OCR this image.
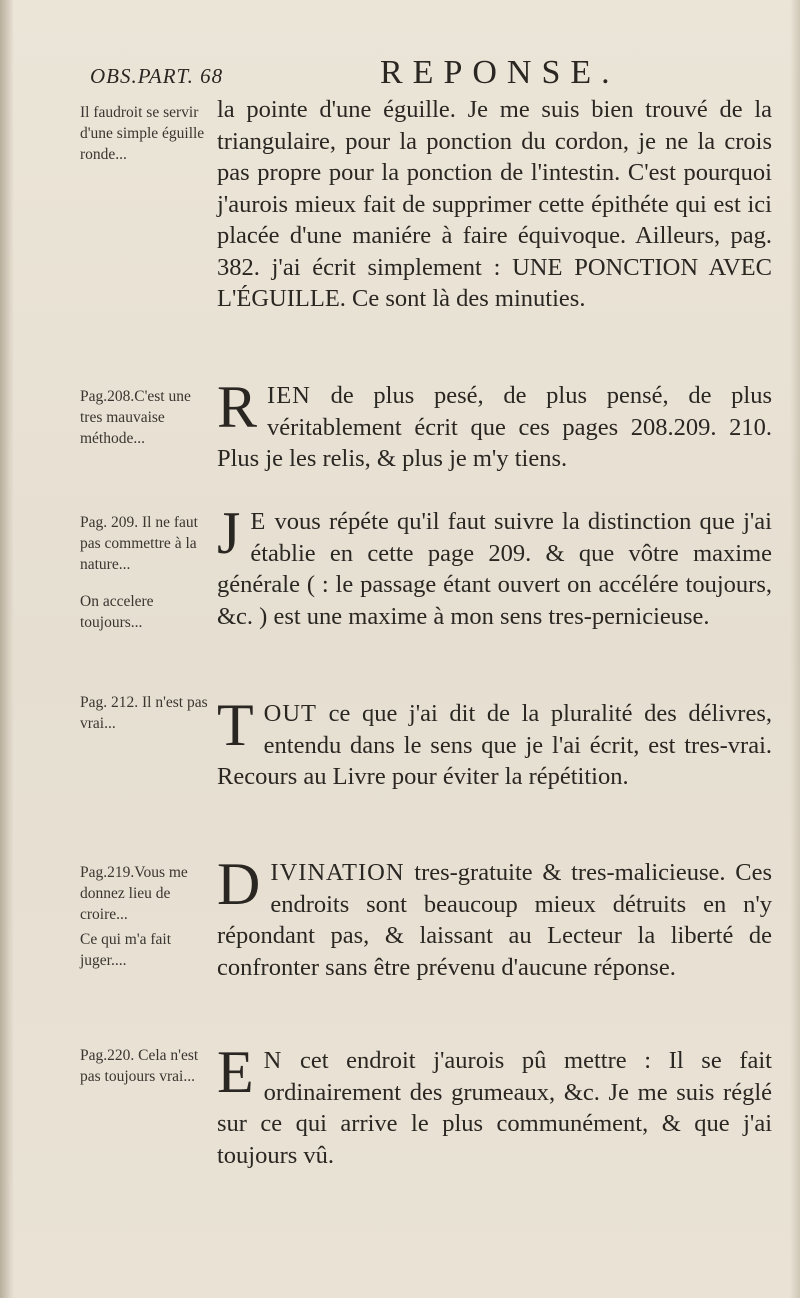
OBS.PART. 68	REPONSE.
Il faudroit se servir d'une simple éguille ronde...
la pointe d'une éguille. Je me suis bien trouvé de la triangulaire, pour la ponction du cordon, je ne la crois pas propre pour la ponction de l'intestin. C'est pourquoi j'aurois mieux fait de supprimer cette épithéte qui est ici placée d'une maniére à faire équivoque. Ailleurs, pag. 382. j'ai écrit simplement : UNE PONCTION AVEC L'ÉGUILLE. Ce sont là des minuties.
Pag.208.C'est une tres mauvaise méthode...	RIEN de plus pesé, de plus pensé, de plus véritablement écrit que ces pages 208.209. 210. Plus je les relis, & plus je m'y tiens.
Pag. 209. Il ne faut pas commettre à la nature...
On accelere toujours...
J E vous répéte qu'il faut suivre la distinction que j'ai établie en cette page 209. & que vôtre maxime générale ( : le passage étant ouvert on accélére toujours, &c. ) est une maxime à mon sens tres-pernicieuse.
Pag. 212. Il n'est pas vrai...	TOUT ce que j'ai dit de la pluralité des délivres, entendu dans le sens que je l'ai écrit, est tres-vrai. Recours au Livre pour éviter la répétition.
Pag.219.Vous me donnez lieu de croire...
Ce qui m'a fait juger....
DIVINATION tres-gratuite & tres-malicieuse. Ces endroits sont beaucoup mieux détruits en n'y répondant pas, & laissant au Lecteur la liberté de confronter sans être prévenu d'aucune réponse.
Pag.220. Cela n'est pas toujours vrai... E N cet endroit j'aurois pû mettre : Il se fait ordinairement des grumeaux, &c. Je me suis réglé sur ce qui arrive le plus communément, & que j'ai toujours vû.
